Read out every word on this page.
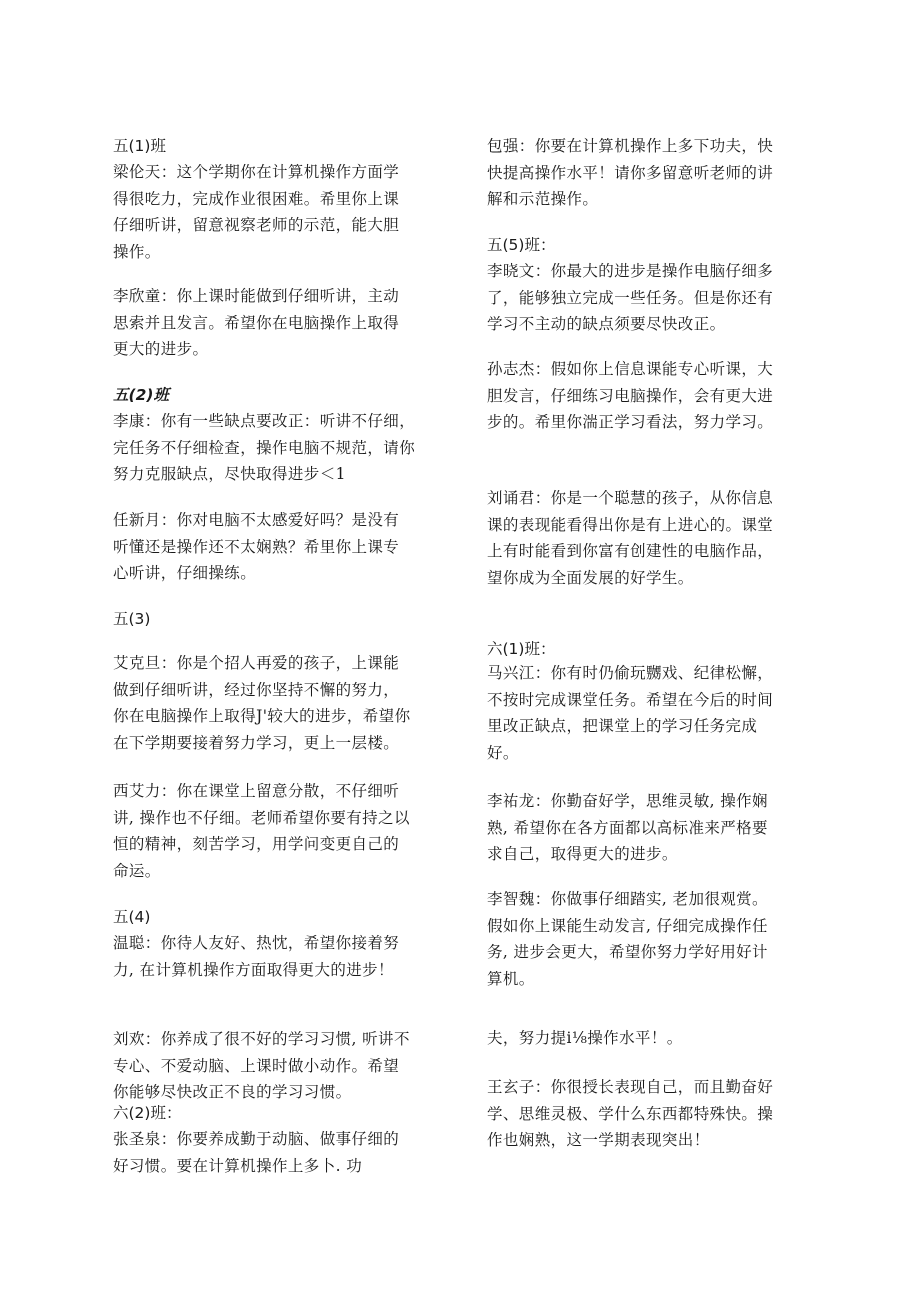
五(1)班
梁伦天：这个学期你在计算机操作方面学
得很吃力，完成作业很困难。希里你上课
仔细听讲，留意视察老师的示范，能大胆
操作。
李欣童：你上课时能做到仔细听讲，主动
思索并且发言。希望你在电脑操作上取得
更大的进步。
五(2)班
李康：你有一些缺点要改正：听讲不仔细，
完任务不仔细检查，操作电脑不规范，请你
努力克服缺点，尽快取得进步＜1
任新月：你对电脑不太感爱好吗？是没有
听懂还是操作还不太娴熟？希里你上课专
心听讲，仔细操练。
五(3)
艾克旦：你是个招人再爱的孩子，上课能
做到仔细听讲，经过你坚持不懈的努力，
你在电脑操作上取得J'较大的进步，希望你
在下学期要接着努力学习，更上一层楼。
西艾力：你在课堂上留意分散，不仔细听
讲, 操作也不仔细。老师希望你要有持之以
恒的精神，刻苦学习，用学问变更自己的
命运。
五(4)
温聪：你待人友好、热忱，希望你接着努
力, 在计算机操作方面取得更大的进步！
刘欢：你养成了很不好的学习习惯, 听讲不
专心、不爱动脑、上课时做小动作。希望
你能够尽快改正不良的学习习惯。
六(2)班：
张圣泉：你要养成勤于动脑、做事仔细的
好习惯。要在计算机操作上多卜. 功
包强：你要在计算机操作上多下功夫，快
快提高操作水平！请你多留意听老师的讲
解和示范操作。
五(5)班：
李晓文：你最大的进步是操作电脑仔细多
了，能够独立完成一些任务。但是你还有
学习不主动的缺点须要尽快改正。
孙志杰：假如你上信息课能专心听课，大
胆发言，仔细练习电脑操作，会有更大进
步的。希里你湍正学习看法，努力学习。
刘诵君：你是一个聪慧的孩子，从你信息
课的表现能看得出你是有上进心的。课堂
上有时能看到你富有创建性的电脑作品，
望你成为全面发展的好学生。
六(1)班：
马兴江：你有时仍偷玩嬲戏、纪律松懈，
不按时完成课堂任务。希望在今后的时间
里改正缺点，把课堂上的学习任务完成
好。
李祐龙：你勤奋好学，思维灵敏, 操作娴
熟, 希望你在各方面都以高标准来严格要
求自己，取得更大的进步。
李智魏：你做事仔细踏实, 老加很观赏。
假如你上课能生动发言, 仔细完成操作任
务, 进步会更大，希望你努力学好用好计
算机。
夫，努力提i⅛操作水平！。
王玄子：你很授长表现自己，而且勤奋好
学、思维灵极、学什么东西都特殊快。操
作也娴熟，这一学期表现突出！
